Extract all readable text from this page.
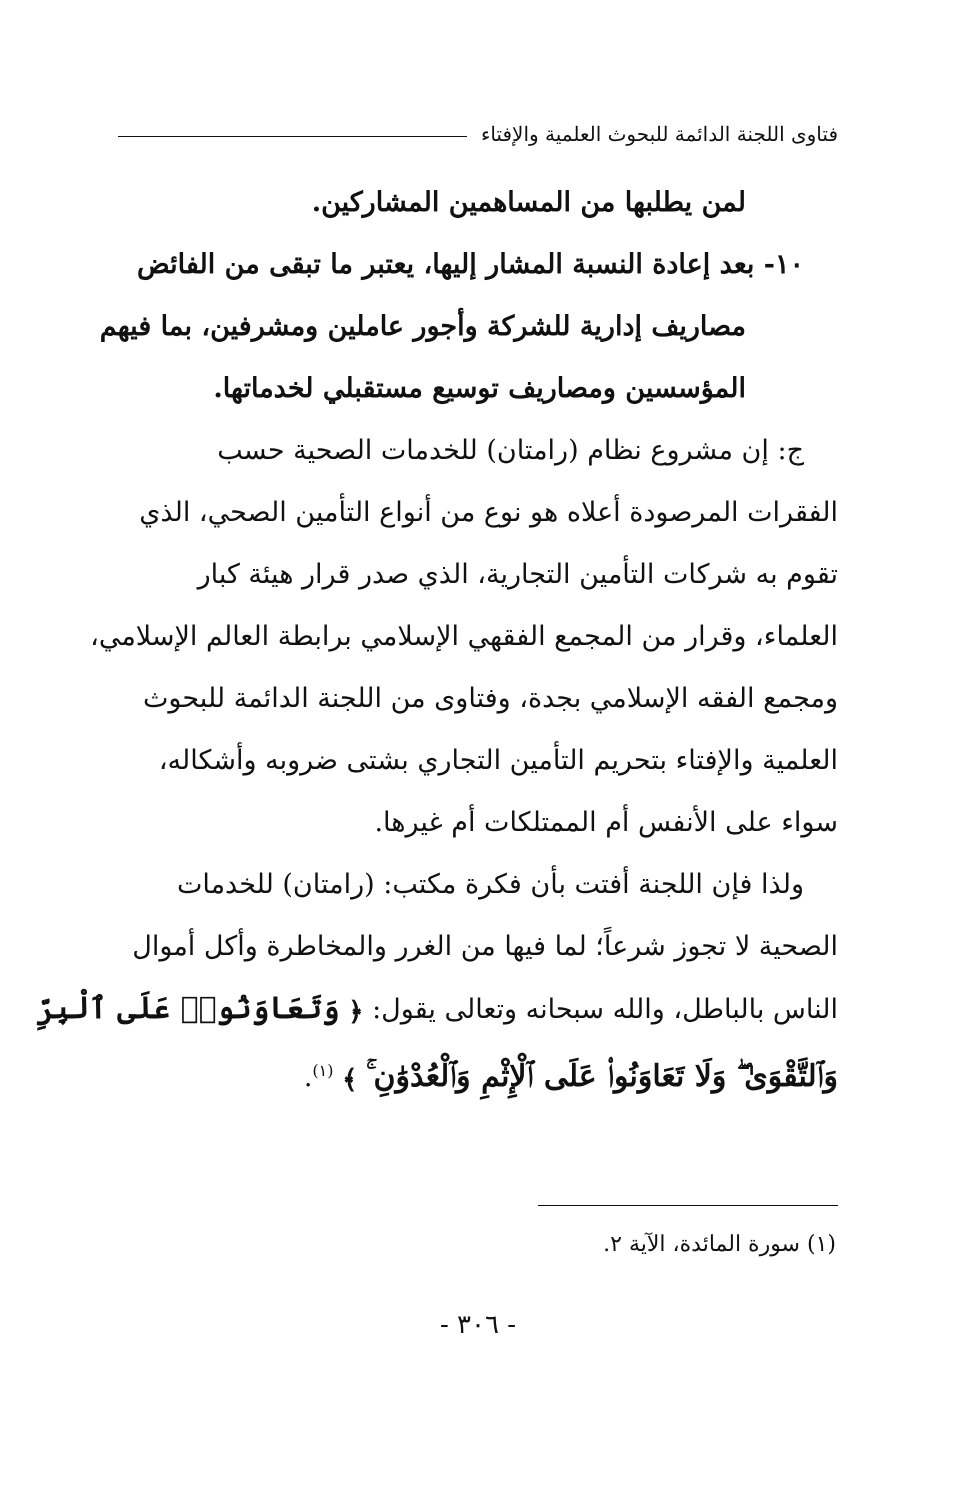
فتاوى اللجنة الدائمة للبحوث العلمية والإفتاء
لمن يطلبها من المساهمين المشاركين.
١٠- بعد إعادة النسبة المشار إليها، يعتبر ما تبقى من الفائض
مصاريف إدارية للشركة وأجور عاملين ومشرفين، بما فيهم
المؤسسين ومصاريف توسيع مستقبلي لخدماتها.
ج: إن مشروع نظام (رامتان) للخدمات الصحية حسب
الفقرات المرصودة أعلاه هو نوع من أنواع التأمين الصحي، الذي
تقوم به شركات التأمين التجارية، الذي صدر قرار هيئة كبار
العلماء، وقرار من المجمع الفقهي الإسلامي برابطة العالم الإسلامي،
ومجمع الفقه الإسلامي بجدة، وفتاوى من اللجنة الدائمة للبحوث
العلمية والإفتاء بتحريم التأمين التجاري بشتى ضروبه وأشكاله،
سواء على الأنفس أم الممتلكات أم غيرها.
ولذا فإن اللجنة أفتت بأن فكرة مكتب: (رامتان) للخدمات
الصحية لا تجوز شرعاً؛ لما فيها من الغرر والمخاطرة وأكل أموال
الناس بالباطل، والله سبحانه وتعالى يقول: ﴿ وَتَعَاوَنُوا۟ عَلَى ٱلْبِرِّ
وَٱلتَّقْوَىٰ ۖ وَلَا تَعَاوَنُوا۟ عَلَى ٱلْإِثْمِ وَٱلْعُدْوَٰنِ ۚ ﴾ $^{(١)}$.
(١) سورة المائدة، الآية ٢.
- ٣٠٦ -
